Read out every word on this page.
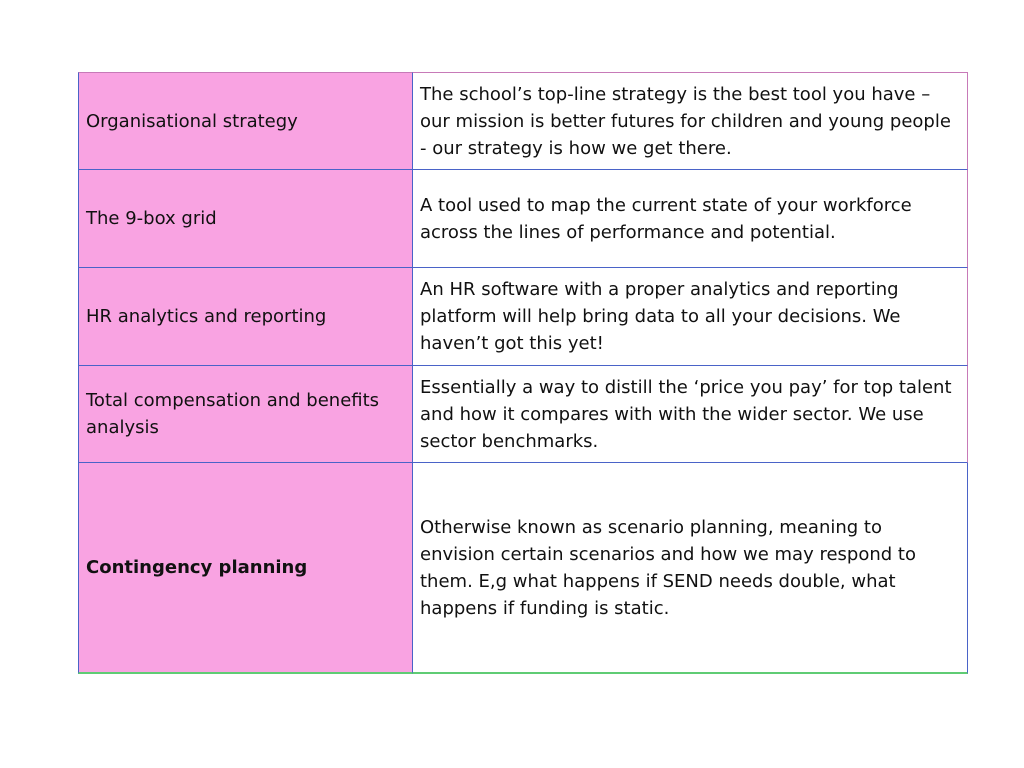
Organisational strategy
The school’s top-line strategy is the best tool you have – our mission is better futures for children and young people - our strategy is how we get there.
The 9-box grid
A tool used to map the current state of your workforce across the lines of performance and potential.
HR analytics and reporting
An HR software with a proper analytics and reporting platform will help bring data to all your decisions. We haven’t got this yet!
Total compensation and benefits analysis
Essentially a way to distill the ‘price you pay’ for top talent and how it compares with with the wider sector. We use sector benchmarks.
Contingency planning
Otherwise known as scenario planning, meaning to envision certain scenarios and how we may respond to them. E,g what happens if SEND needs double, what happens if funding is static.
